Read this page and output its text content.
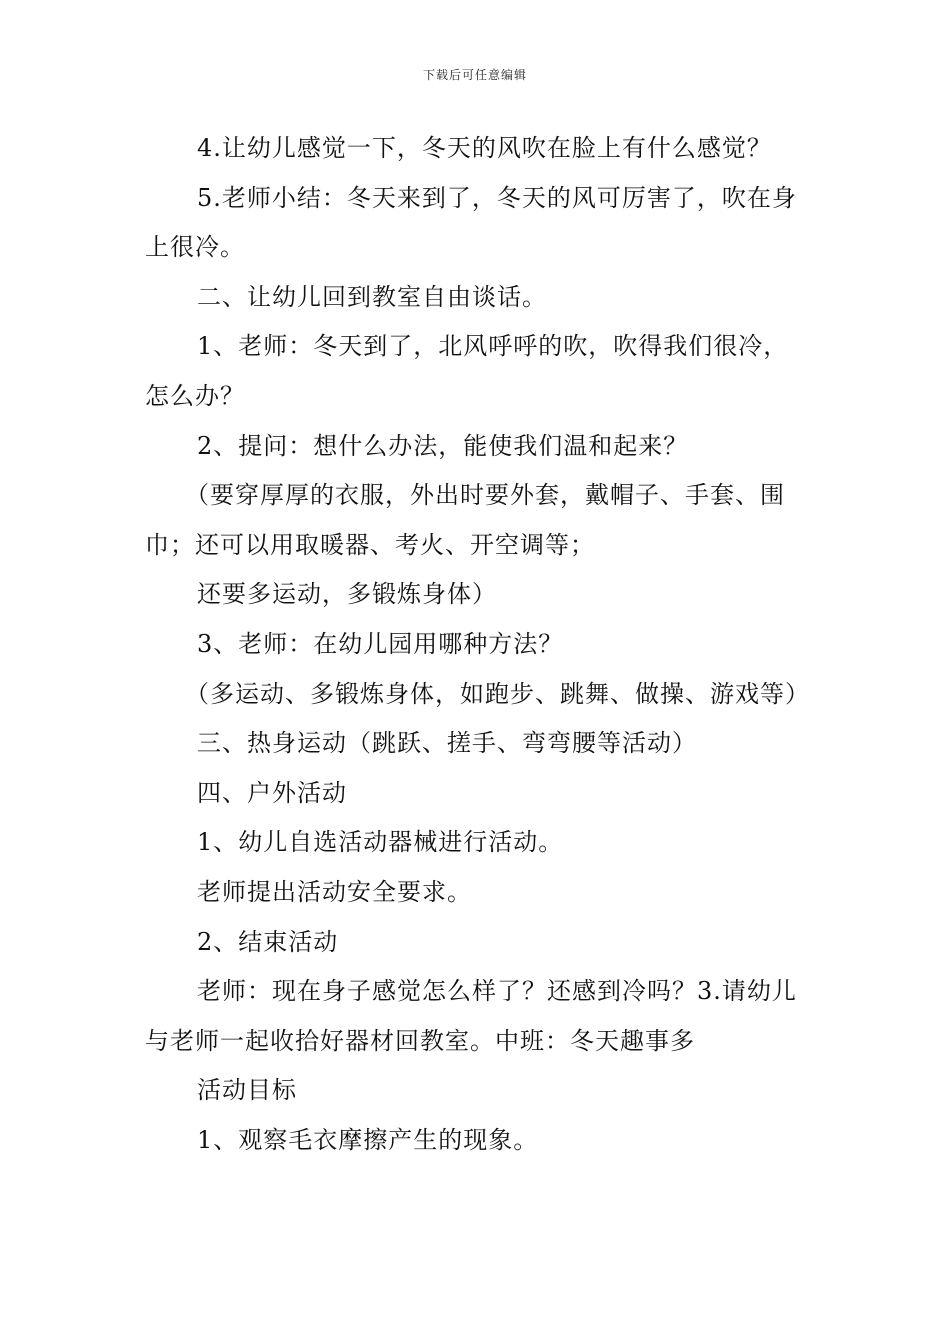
下载后可任意编辑

4.让幼儿感觉一下，冬天的风吹在脸上有什么感觉？

5.老师小结：冬天来到了，冬天的风可厉害了，吹在身上很冷。

二、让幼儿回到教室自由谈话。

1、老师：冬天到了，北风呼呼的吹，吹得我们很冷，怎么办？

2、提问：想什么办法，能使我们温和起来？

（要穿厚厚的衣服，外出时要外套，戴帽子、手套、围巾；还可以用取暖器、考火、开空调等；

还要多运动，多锻炼身体）

3、老师：在幼儿园用哪种方法？

（多运动、多锻炼身体，如跑步、跳舞、做操、游戏等）

三、热身运动（跳跃、搓手、弯弯腰等活动）

四、户外活动

1、幼儿自选活动器械进行活动。

老师提出活动安全要求。

2、结束活动

老师：现在身子感觉怎么样了？还感到冷吗？3.请幼儿与老师一起收拾好器材回教室。中班：冬天趣事多

活动目标

1、观察毛衣摩擦产生的现象。
